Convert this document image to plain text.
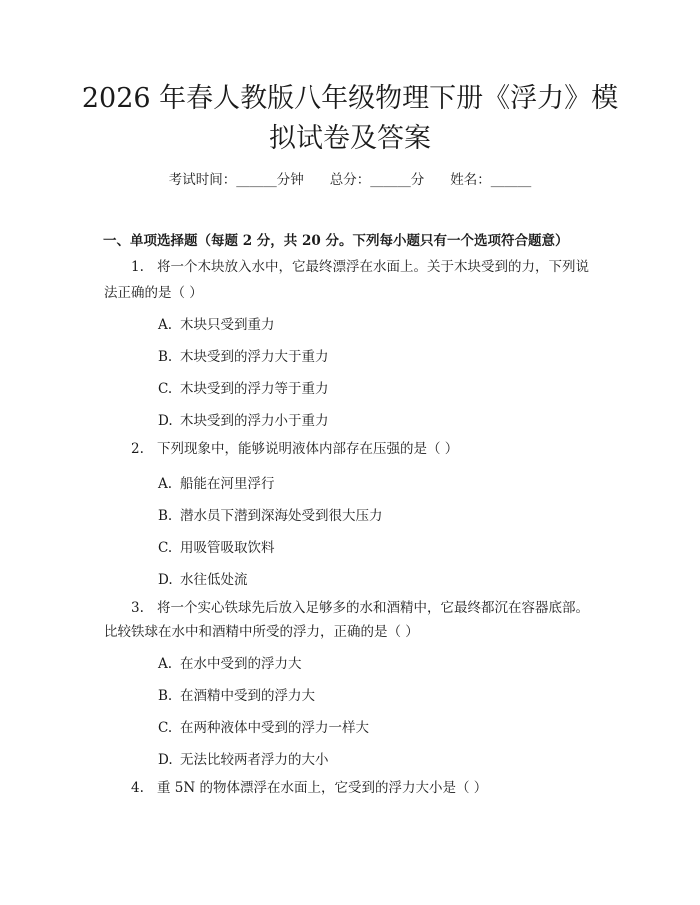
2026 年春人教版八年级物理下册《浮力》模
拟试卷及答案
考试时间：______分钟 总分：______分 姓名：______
一、单项选择题（每题 2 分，共 20 分。下列每小题只有一个选项符合题意）

1. 将一个木块放入水中，它最终漂浮在水面上。关于木块受到的力，下列说

法正确的是（ ）

A. 木块只受到重力
B. 木块受到的浮力大于重力
C. 木块受到的浮力等于重力
D. 木块受到的浮力小于重力

2. 下列现象中，能够说明液体内部存在压强的是（ ）

A. 船能在河里浮行
B. 潜水员下潜到深海处受到很大压力
C. 用吸管吸取饮料
D. 水往低处流

3. 将一个实心铁球先后放入足够多的水和酒精中，它最终都沉在容器底部。

比较铁球在水中和酒精中所受的浮力，正确的是（ ）

A. 在水中受到的浮力大
B. 在酒精中受到的浮力大
C. 在两种液体中受到的浮力一样大
D. 无法比较两者浮力的大小

4. 重 5N 的物体漂浮在水面上，它受到的浮力大小是（ ）
